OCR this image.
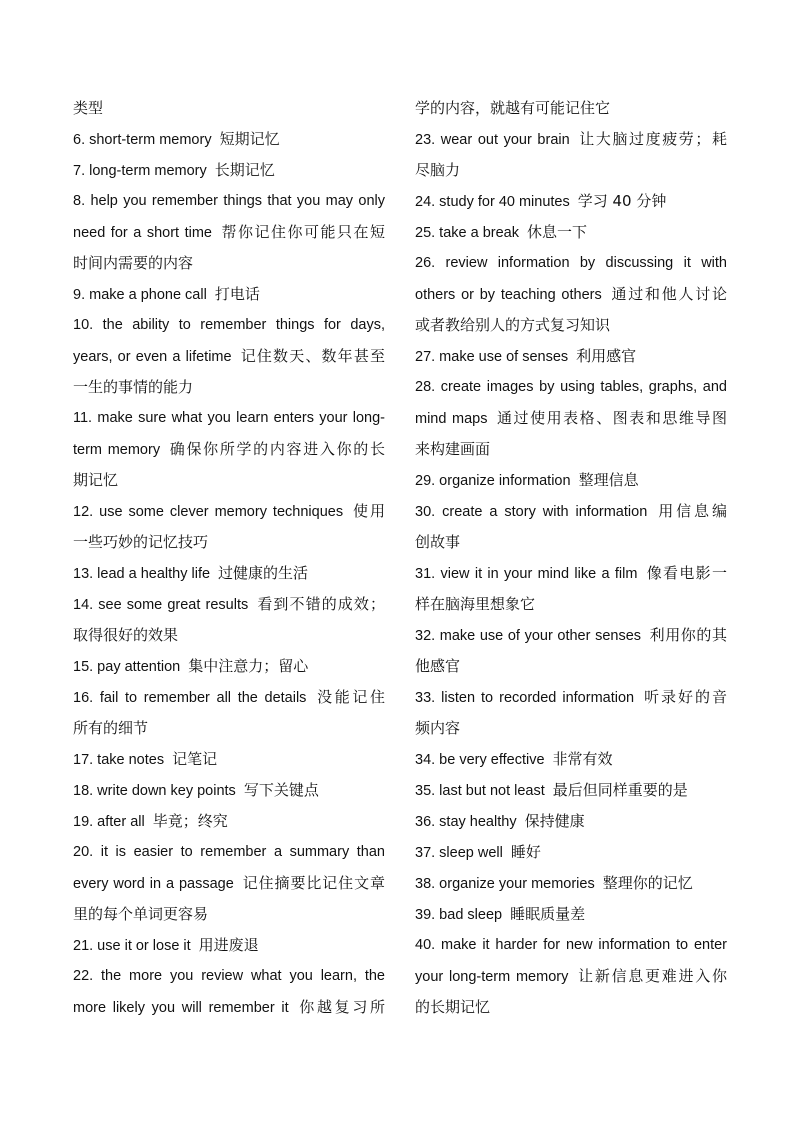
类型
6. short-term memory 短期记忆
7. long-term memory 长期记忆
8. help you remember things that you may only
need for a short time 帮你记住你可能只在短
时间内需要的内容
9. make a phone call 打电话
10. the ability to remember things for days,
years, or even a lifetime 记住数天、数年甚至
一生的事情的能力
11. make sure what you learn enters your long-
term memory 确保你所学的内容进入你的长
期记忆
12. use some clever memory techniques 使用
一些巧妙的记忆技巧
13. lead a healthy life 过健康的生活
14. see some great results 看到不错的成效；
取得很好的效果
15. pay attention 集中注意力；留心
16. fail to remember all the details 没能记住
所有的细节
17. take notes 记笔记
18. write down key points 写下关键点
19. after all 毕竟；终究
20. it is easier to remember a summary than
every word in a passage 记住摘要比记住文章
里的每个单词更容易
21. use it or lose it 用进废退
22. the more you review what you learn, the
more likely you will remember it 你越复习所
学的内容，就越有可能记住它
23. wear out your brain 让大脑过度疲劳；耗
尽脑力
24. study for 40 minutes 学习 40 分钟
25. take a break 休息一下
26. review information by discussing it with
others or by teaching others 通过和他人讨论
或者教给别人的方式复习知识
27. make use of senses 利用感官
28. create images by using tables, graphs, and
mind maps 通过使用表格、图表和思维导图
来构建画面
29. organize information 整理信息
30. create a story with information 用信息编
创故事
31. view it in your mind like a film 像看电影一
样在脑海里想象它
32. make use of your other senses 利用你的其
他感官
33. listen to recorded information 听录好的音
频内容
34. be very effective 非常有效
35. last but not least 最后但同样重要的是
36. stay healthy 保持健康
37. sleep well 睡好
38. organize your memories 整理你的记忆
39. bad sleep 睡眠质量差
40. make it harder for new information to enter
your long-term memory 让新信息更难进入你
的长期记忆
